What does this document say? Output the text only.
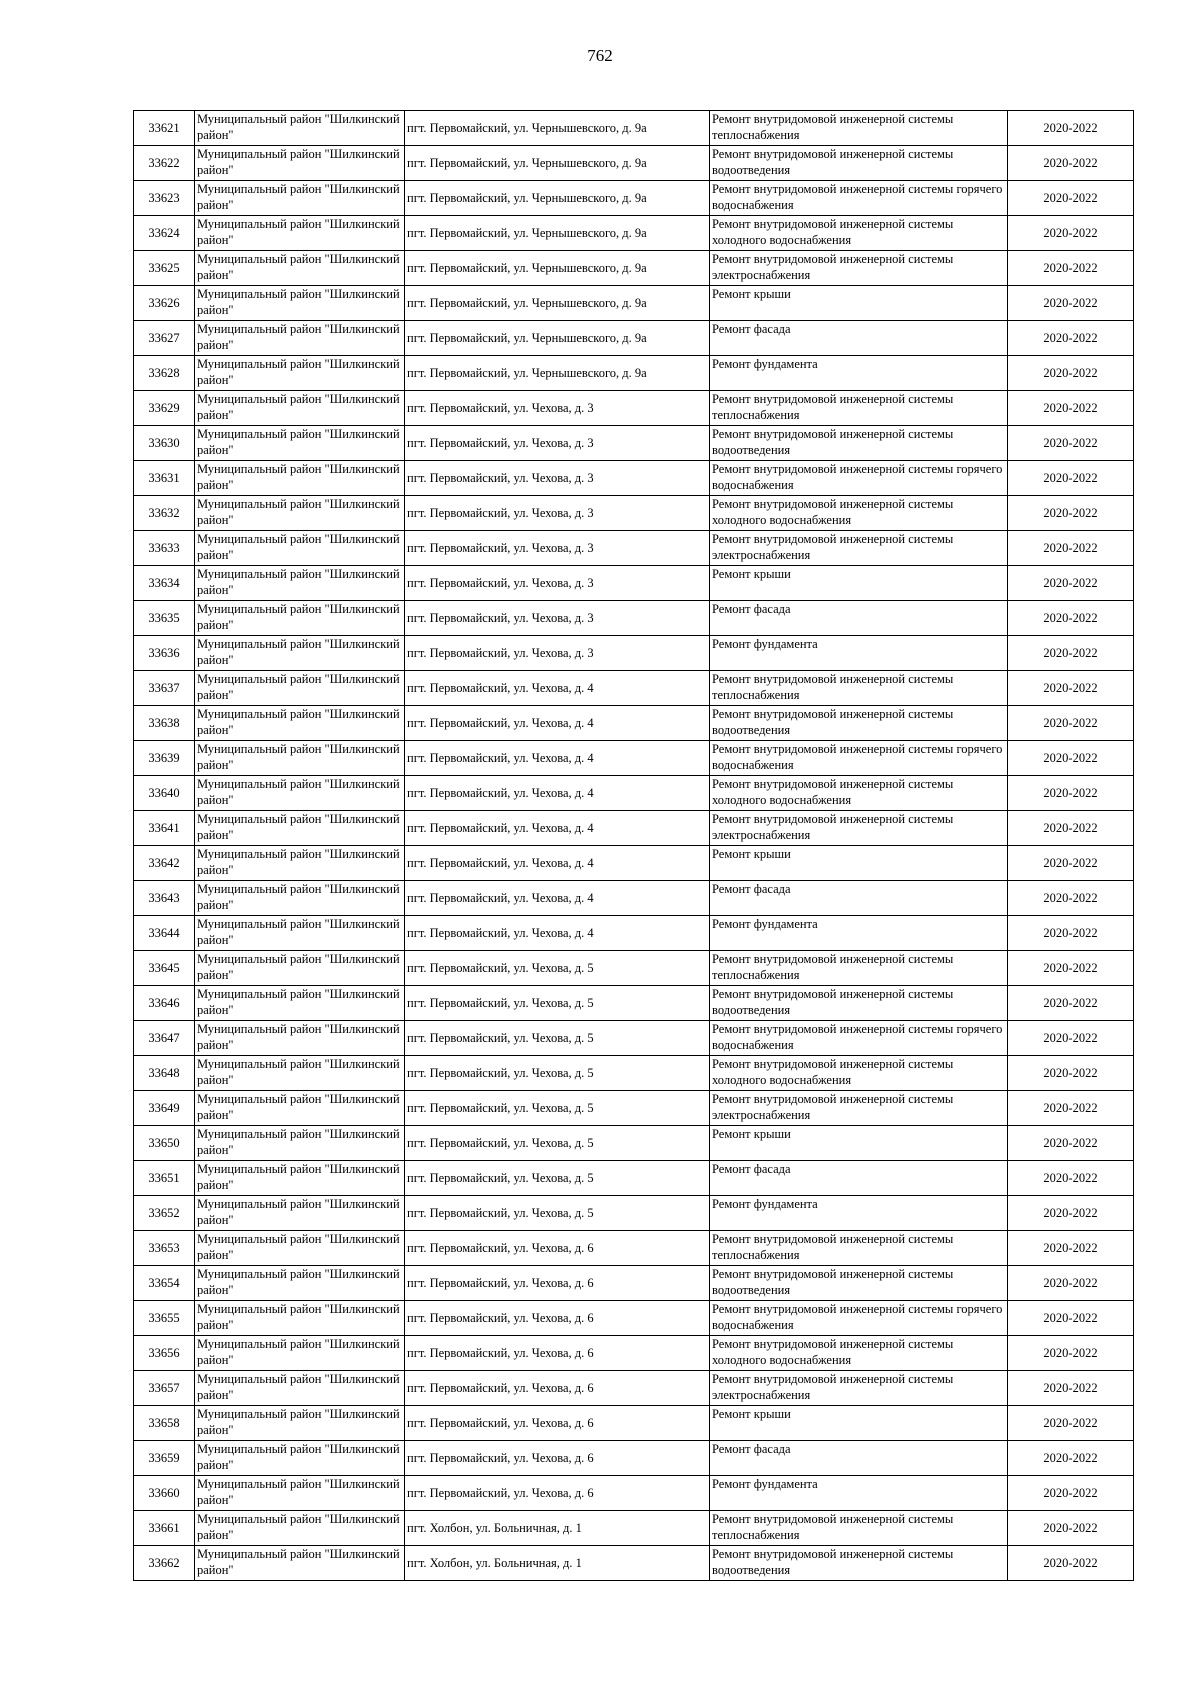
762
33621	Муниципальный район "Шилкинский район"	пгт. Первомайский, ул. Чернышевского, д. 9а	Ремонт внутридомовой инженерной системы теплоснабжения	2020-2022
33622	Муниципальный район "Шилкинский район"	пгт. Первомайский, ул. Чернышевского, д. 9а	Ремонт внутридомовой инженерной системы водоотведения	2020-2022
33623	Муниципальный район "Шилкинский район"	пгт. Первомайский, ул. Чернышевского, д. 9а	Ремонт внутридомовой инженерной системы горячего водоснабжения	2020-2022
33624	Муниципальный район "Шилкинский район"	пгт. Первомайский, ул. Чернышевского, д. 9а	Ремонт внутридомовой инженерной системы холодного водоснабжения	2020-2022
33625	Муниципальный район "Шилкинский район"	пгт. Первомайский, ул. Чернышевского, д. 9а	Ремонт внутридомовой инженерной системы электроснабжения	2020-2022
33626	Муниципальный район "Шилкинский район"	пгт. Первомайский, ул. Чернышевского, д. 9а	Ремонт крыши	2020-2022
33627	Муниципальный район "Шилкинский район"	пгт. Первомайский, ул. Чернышевского, д. 9а	Ремонт фасада	2020-2022
33628	Муниципальный район "Шилкинский район"	пгт. Первомайский, ул. Чернышевского, д. 9а	Ремонт фундамента	2020-2022
33629	Муниципальный район "Шилкинский район"	пгт. Первомайский, ул. Чехова, д. 3	Ремонт внутридомовой инженерной системы теплоснабжения	2020-2022
33630	Муниципальный район "Шилкинский район"	пгт. Первомайский, ул. Чехова, д. 3	Ремонт внутридомовой инженерной системы водоотведения	2020-2022
33631	Муниципальный район "Шилкинский район"	пгт. Первомайский, ул. Чехова, д. 3	Ремонт внутридомовой инженерной системы горячего водоснабжения	2020-2022
33632	Муниципальный район "Шилкинский район"	пгт. Первомайский, ул. Чехова, д. 3	Ремонт внутридомовой инженерной системы холодного водоснабжения	2020-2022
33633	Муниципальный район "Шилкинский район"	пгт. Первомайский, ул. Чехова, д. 3	Ремонт внутридомовой инженерной системы электроснабжения	2020-2022
33634	Муниципальный район "Шилкинский район"	пгт. Первомайский, ул. Чехова, д. 3	Ремонт крыши	2020-2022
33635	Муниципальный район "Шилкинский район"	пгт. Первомайский, ул. Чехова, д. 3	Ремонт фасада	2020-2022
33636	Муниципальный район "Шилкинский район"	пгт. Первомайский, ул. Чехова, д. 3	Ремонт фундамента	2020-2022
33637	Муниципальный район "Шилкинский район"	пгт. Первомайский, ул. Чехова, д. 4	Ремонт внутридомовой инженерной системы теплоснабжения	2020-2022
33638	Муниципальный район "Шилкинский район"	пгт. Первомайский, ул. Чехова, д. 4	Ремонт внутридомовой инженерной системы водоотведения	2020-2022
33639	Муниципальный район "Шилкинский район"	пгт. Первомайский, ул. Чехова, д. 4	Ремонт внутридомовой инженерной системы горячего водоснабжения	2020-2022
33640	Муниципальный район "Шилкинский район"	пгт. Первомайский, ул. Чехова, д. 4	Ремонт внутридомовой инженерной системы холодного водоснабжения	2020-2022
33641	Муниципальный район "Шилкинский район"	пгт. Первомайский, ул. Чехова, д. 4	Ремонт внутридомовой инженерной системы электроснабжения	2020-2022
33642	Муниципальный район "Шилкинский район"	пгт. Первомайский, ул. Чехова, д. 4	Ремонт крыши	2020-2022
33643	Муниципальный район "Шилкинский район"	пгт. Первомайский, ул. Чехова, д. 4	Ремонт фасада	2020-2022
33644	Муниципальный район "Шилкинский район"	пгт. Первомайский, ул. Чехова, д. 4	Ремонт фундамента	2020-2022
33645	Муниципальный район "Шилкинский район"	пгт. Первомайский, ул. Чехова, д. 5	Ремонт внутридомовой инженерной системы теплоснабжения	2020-2022
33646	Муниципальный район "Шилкинский район"	пгт. Первомайский, ул. Чехова, д. 5	Ремонт внутридомовой инженерной системы водоотведения	2020-2022
33647	Муниципальный район "Шилкинский район"	пгт. Первомайский, ул. Чехова, д. 5	Ремонт внутридомовой инженерной системы горячего водоснабжения	2020-2022
33648	Муниципальный район "Шилкинский район"	пгт. Первомайский, ул. Чехова, д. 5	Ремонт внутридомовой инженерной системы холодного водоснабжения	2020-2022
33649	Муниципальный район "Шилкинский район"	пгт. Первомайский, ул. Чехова, д. 5	Ремонт внутридомовой инженерной системы электроснабжения	2020-2022
33650	Муниципальный район "Шилкинский район"	пгт. Первомайский, ул. Чехова, д. 5	Ремонт крыши	2020-2022
33651	Муниципальный район "Шилкинский район"	пгт. Первомайский, ул. Чехова, д. 5	Ремонт фасада	2020-2022
33652	Муниципальный район "Шилкинский район"	пгт. Первомайский, ул. Чехова, д. 5	Ремонт фундамента	2020-2022
33653	Муниципальный район "Шилкинский район"	пгт. Первомайский, ул. Чехова, д. 6	Ремонт внутридомовой инженерной системы теплоснабжения	2020-2022
33654	Муниципальный район "Шилкинский район"	пгт. Первомайский, ул. Чехова, д. 6	Ремонт внутридомовой инженерной системы водоотведения	2020-2022
33655	Муниципальный район "Шилкинский район"	пгт. Первомайский, ул. Чехова, д. 6	Ремонт внутридомовой инженерной системы горячего водоснабжения	2020-2022
33656	Муниципальный район "Шилкинский район"	пгт. Первомайский, ул. Чехова, д. 6	Ремонт внутридомовой инженерной системы холодного водоснабжения	2020-2022
33657	Муниципальный район "Шилкинский район"	пгт. Первомайский, ул. Чехова, д. 6	Ремонт внутридомовой инженерной системы электроснабжения	2020-2022
33658	Муниципальный район "Шилкинский район"	пгт. Первомайский, ул. Чехова, д. 6	Ремонт крыши	2020-2022
33659	Муниципальный район "Шилкинский район"	пгт. Первомайский, ул. Чехова, д. 6	Ремонт фасада	2020-2022
33660	Муниципальный район "Шилкинский район"	пгт. Первомайский, ул. Чехова, д. 6	Ремонт фундамента	2020-2022
33661	Муниципальный район "Шилкинский район"	пгт. Холбон, ул. Больничная, д. 1	Ремонт внутридомовой инженерной системы теплоснабжения	2020-2022
33662	Муниципальный район "Шилкинский район"	пгт. Холбон, ул. Больничная, д. 1	Ремонт внутридомовой инженерной системы водоотведения	2020-2022
